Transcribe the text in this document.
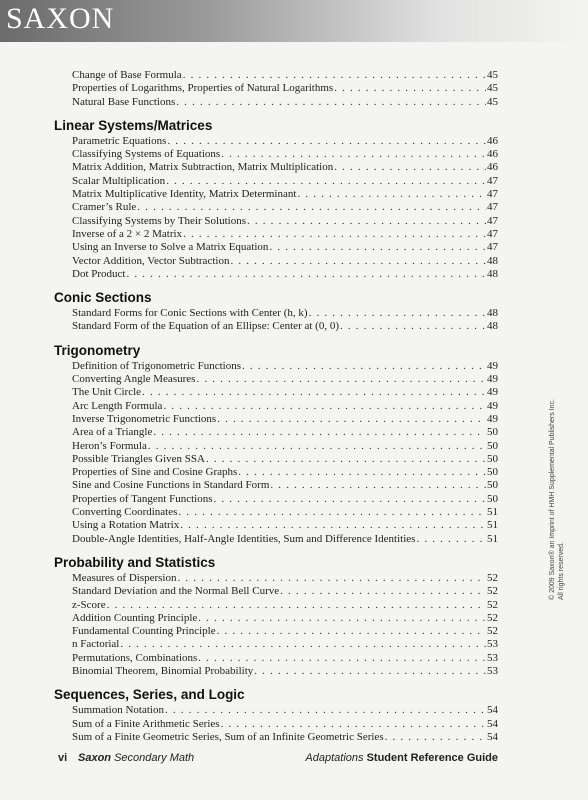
SAXON
Change of Base Formula . . .	45
Properties of Logarithms, Properties of Natural Logarithms . . .	45
Natural Base Functions . . .	45
Linear Systems/Matrices
Parametric Equations . . .	46
Classifying Systems of Equations . . .	46
Matrix Addition, Matrix Subtraction, Matrix Multiplication . . .	46
Scalar Multiplication . . .	47
Matrix Multiplicative Identity, Matrix Determinant . . .	47
Cramer’s Rule . . .	47
Classifying Systems by Their Solutions . . .	47
Inverse of a 2 × 2 Matrix . . .	47
Using an Inverse to Solve a Matrix Equation . . .	47
Vector Addition, Vector Subtraction . . .	48
Dot Product . . .	48
Conic Sections
Standard Forms for Conic Sections with Center (h, k) . . .	48
Standard Form of the Equation of an Ellipse: Center at (0, 0) . . .	48
Trigonometry
Definition of Trigonometric Functions . . .	49
Converting Angle Measures . . .	49
The Unit Circle . . .	49
Arc Length Formula . . .	49
Inverse Trigonometric Functions . . .	49
Area of a Triangle . . .	50
Heron’s Formula . . .	50
Possible Triangles Given SSA . . .	50
Properties of Sine and Cosine Graphs . . .	50
Sine and Cosine Functions in Standard Form . . .	50
Properties of Tangent Functions . . .	50
Converting Coordinates . . .	51
Using a Rotation Matrix . . .	51
Double-Angle Identities, Half-Angle Identities, Sum and Difference Identities . . .	51
Probability and Statistics
Measures of Dispersion . . .	52
Standard Deviation and the Normal Bell Curve . . .	52
z-Score . . .	52
Addition Counting Principle . . .	52
Fundamental Counting Principle . . .	52
n Factorial . . .	53
Permutations, Combinations . . .	53
Binomial Theorem, Binomial Probability . . .	53
Sequences, Series, and Logic
Summation Notation . . .	54
Sum of a Finite Arithmetic Series . . .	54
Sum of a Finite Geometric Series, Sum of an Infinite Geometric Series . . .	54
© 2009 Saxon® an Imprint of HMH Supplemental Publishers Inc. All rights reserved.
vi Saxon Secondary Math	Adaptations Student Reference Guide
